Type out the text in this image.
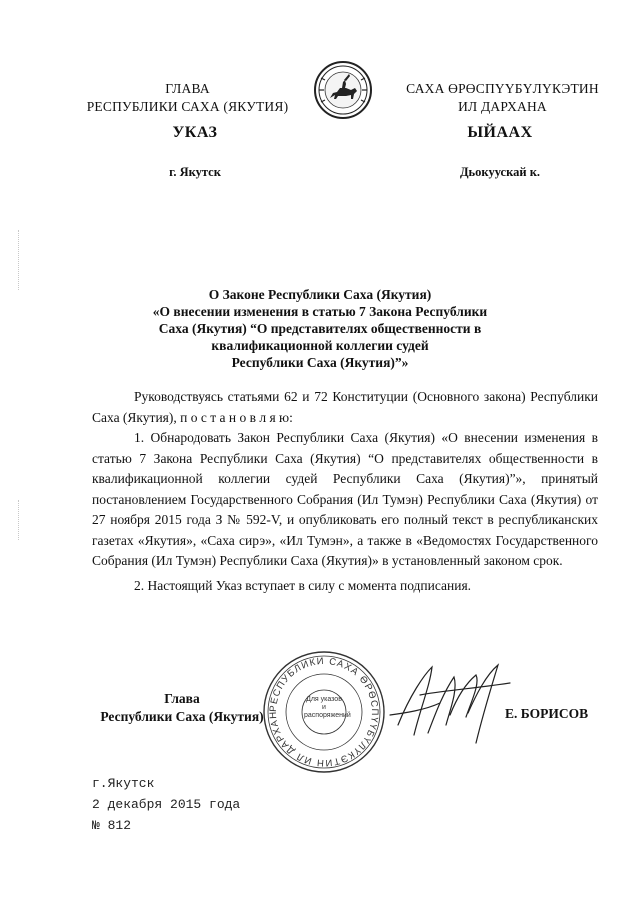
ГЛАВА
РЕСПУБЛИКИ САХА (ЯКУТИЯ)
САХА ӨРӨСПҮҮБҮЛҮКЭТИН
ИЛ ДАРХАНА
УКАЗ	ЫЙААХ
г. Якутск	Дьокуускай к.
О Законе Республики Саха (Якутия)
«О внесении изменения в статью 7 Закона Республики
Саха (Якутия) “О представителях общественности в
квалификационной коллегии судей
Республики Саха (Якутия)”»

Руководствуясь статьями 62 и 72 Конституции (Основного закона) Республики Саха (Якутия), п о с т а н о в л я ю:

1. Обнародовать Закон Республики Саха (Якутия) «О внесении изменения в статью 7 Закона Республики Саха (Якутия) “О представителях общественности в квалификационной коллегии судей Республики Саха (Якутия)”», принятый постановлением Государственного Собрания (Ил Тумэн) Республики Саха (Якутия) от 27 ноября 2015 года З № 592-V, и опубликовать его полный текст в республиканских газетах «Якутия», «Саха сирэ», «Ил Тумэн», а также в «Ведомостях Государственного Собрания (Ил Тумэн) Республики Саха (Якутия)» в установленный законом срок.

2. Настоящий Указ вступает в силу с момента подписания.

Глава
Республики Саха (Якутия)
РЕСПУБЛИКИ САХА ӨРӨСПҮҮБҮЛҮКЭТИН ИЛ ДАРХАН
Для указов и распоряжений	Е. БОРИСОВ
г.Якутск
2 декабря 2015 года
№ 812
